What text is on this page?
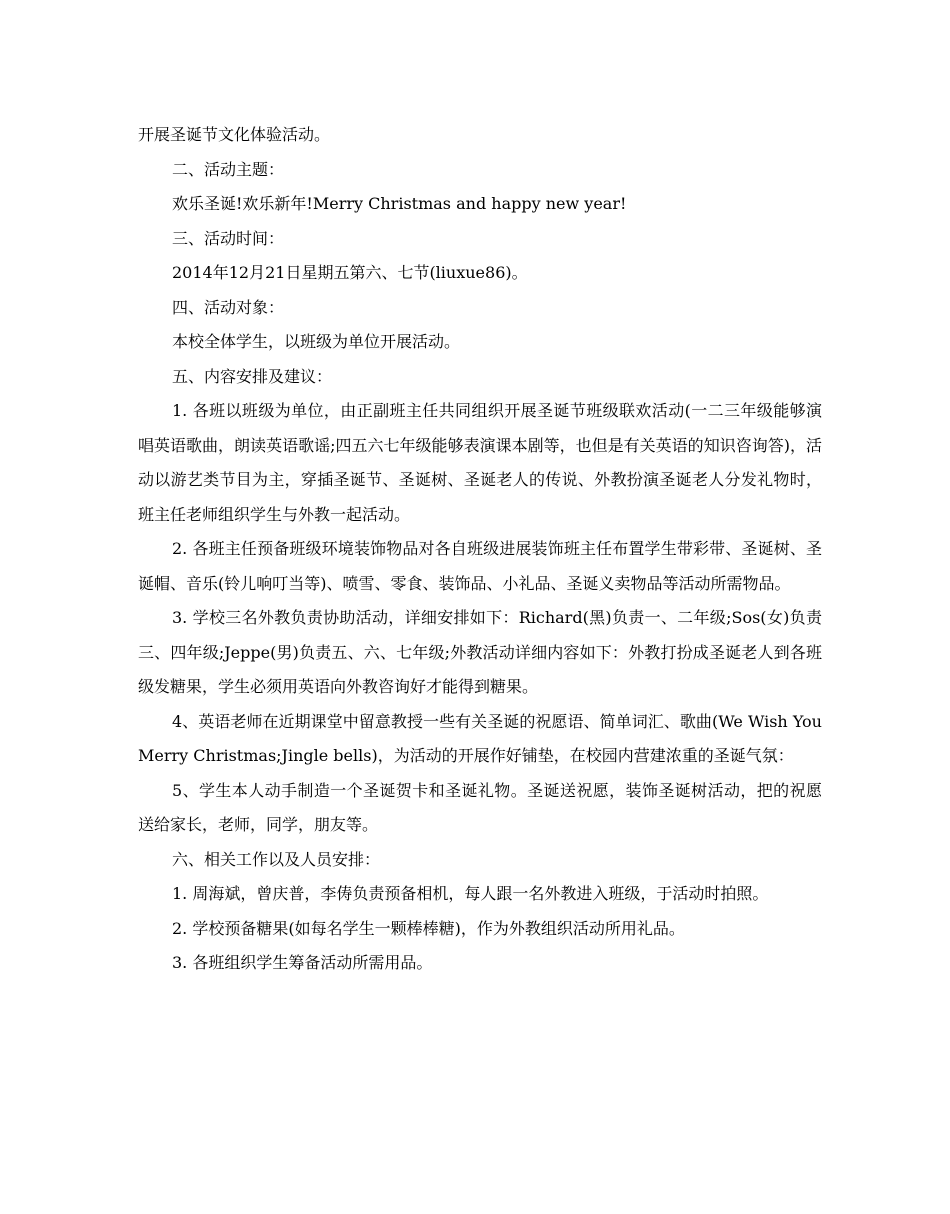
开展圣诞节文化体验活动。

二、活动主题：

欢乐圣诞!欢乐新年!Merry Christmas and happy new year!

三、活动时间：

2014年12月21日星期五第六、七节(liuxue86)。

四、活动对象：

本校全体学生，以班级为单位开展活动。

五、内容安排及建议：

1. 各班以班级为单位，由正副班主任共同组织开展圣诞节班级联欢活动(一二三年级能够演唱英语歌曲，朗读英语歌谣;四五六七年级能够表演课本剧等，也但是有关英语的知识咨询答)，活动以游艺类节目为主，穿插圣诞节、圣诞树、圣诞老人的传说、外教扮演圣诞老人分发礼物时，班主任老师组织学生与外教一起活动。

2. 各班主任预备班级环境装饰物品对各自班级进展装饰班主任布置学生带彩带、圣诞树、圣诞帽、音乐(铃儿响叮当等)、喷雪、零食、装饰品、小礼品、圣诞义卖物品等活动所需物品。

3. 学校三名外教负责协助活动，详细安排如下：Richard(黑)负责一、二年级;Sos(女)负责三、四年级;Jeppe(男)负责五、六、七年级;外教活动详细内容如下：外教打扮成圣诞老人到各班级发糖果，学生必须用英语向外教咨询好才能得到糖果。

4、英语老师在近期课堂中留意教授一些有关圣诞的祝愿语、简单词汇、歌曲(We Wish You Merry Christmas;Jingle bells)，为活动的开展作好铺垫，在校园内营建浓重的圣诞气氛：

5、学生本人动手制造一个圣诞贺卡和圣诞礼物。圣诞送祝愿，装饰圣诞树活动，把的祝愿送给家长，老师，同学，朋友等。

六、相关工作以及人员安排：

1. 周海斌，曾庆普，李俦负责预备相机，每人跟一名外教进入班级，于活动时拍照。

2. 学校预备糖果(如每名学生一颗棒棒糖)，作为外教组织活动所用礼品。

3. 各班组织学生筹备活动所需用品。
